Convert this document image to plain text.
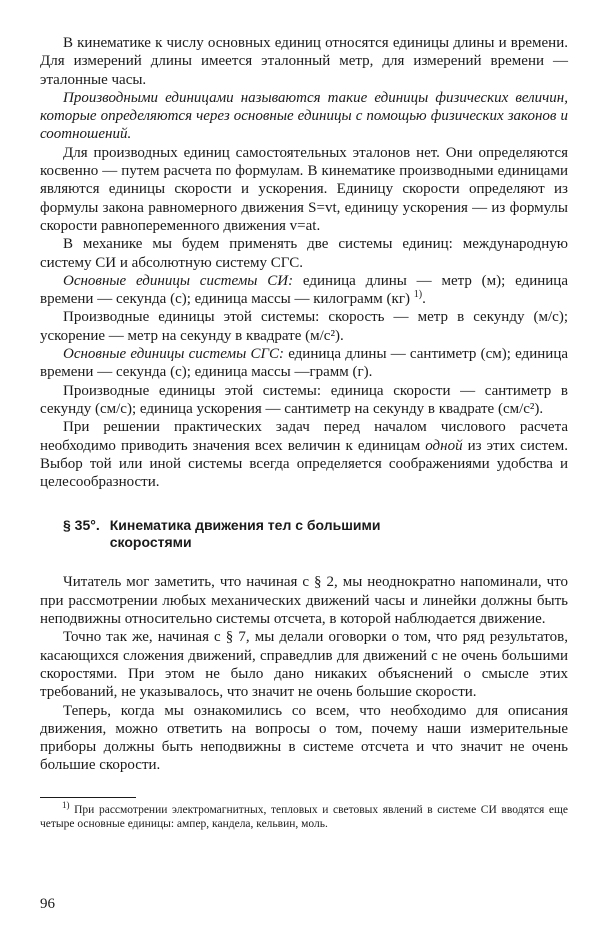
В кинематике к числу основных единиц относятся единицы длины и времени. Для измерений длины имеется эталонный метр, для измерений времени — эталонные часы.

Производными единицами называются такие единицы физических величин, которые определяются через основные единицы с помощью физических законов и соотношений.

Для производных единиц самостоятельных эталонов нет. Они определяются косвенно — путем расчета по формулам. В кинематике производными единицами являются единицы скорости и ускорения. Единицу скорости определяют из формулы закона равномерного движения S=vt, единицу ускорения — из формулы скорости равнопеременного движения v=at.

В механике мы будем применять две системы единиц: международную систему СИ и абсолютную систему СГС.

Основные единицы системы СИ: единица длины — метр (м); единица времени — секунда (с); единица массы — килограмм (кг) $^{1)}$.

Производные единицы этой системы: скорость — метр в секунду (м/с); ускорение — метр на секунду в квадрате (м/с²).

Основные единицы системы СГС: единица длины — сантиметр (см); единица времени — секунда (с); единица массы —грамм (г).

Производные единицы этой системы: единица скорости — сантиметр в секунду (см/с); единица ускорения — сантиметр на секунду в квадрате (см/с²).

При решении практических задач перед началом числового расчета необходимо приводить значения всех величин к единицам одной из этих систем. Выбор той или иной системы всегда определяется соображениями удобства и целесообразности.

§ 35°. Кинематика движения тел с большими скоростями

Читатель мог заметить, что начиная с § 2, мы неоднократно напоминали, что при рассмотрении любых механических движений часы и линейки должны быть неподвижны относительно системы отсчета, в которой наблюдается движение.

Точно так же, начиная с § 7, мы делали оговорки о том, что ряд результатов, касающихся сложения движений, справедлив для движений с не очень большими скоростями. При этом не было дано никаких объяснений о смысле этих требований, не указывалось, что значит не очень большие скорости.

Теперь, когда мы ознакомились со всем, что необходимо для описания движения, можно ответить на вопросы о том, почему наши измерительные приборы должны быть неподвижны в системе отсчета и что значит не очень большие скорости.

$^{1)}$ При рассмотрении электромагнитных, тепловых и световых явлений в системе СИ вводятся еще четыре основные единицы: ампер, кандела, кельвин, моль.
96
